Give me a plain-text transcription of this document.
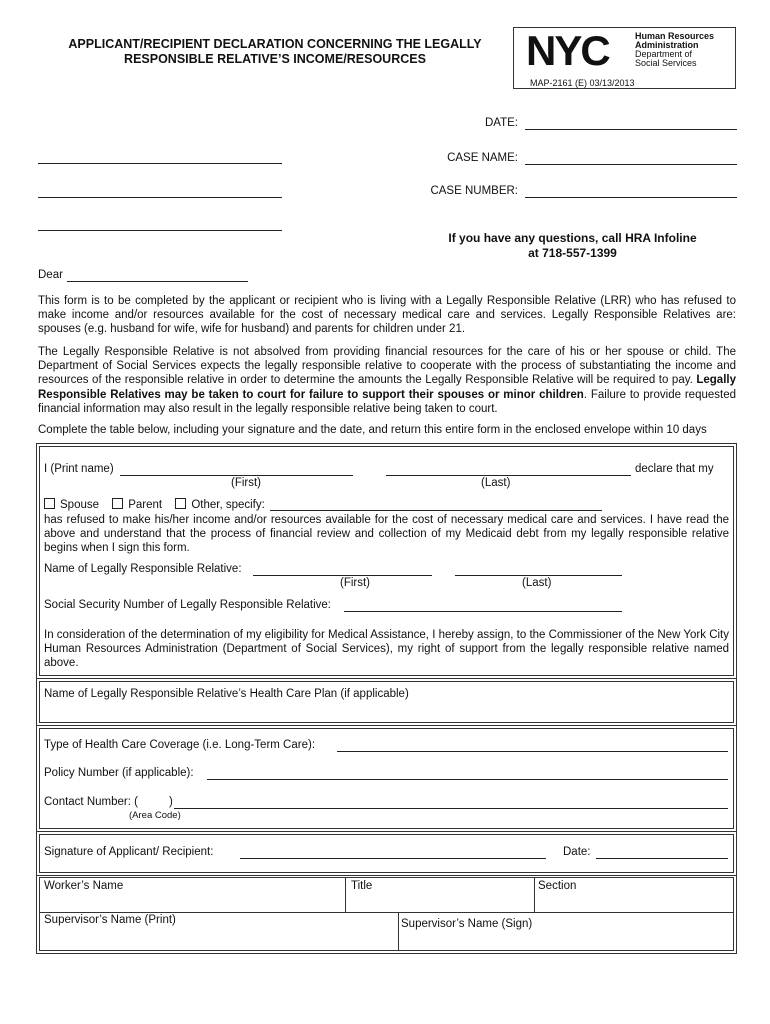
APPLICANT/RECIPIENT DECLARATION CONCERNING THE LEGALLY
RESPONSIBLE RELATIVE’S INCOME/RESOURCES	NYC	Human Resources
Administration
Department of
Social Services
MAP-2161 (E) 03/13/2013
DATE:
CASE NAME:
CASE NUMBER:
If you have any questions, call HRA Infoline
at 718-557-1399
Dear
This form is to be completed by the applicant or recipient who is living with a Legally Responsible Relative (LRR) who has refused to make income and/or resources available for the cost of necessary medical care and services. Legally Responsible Relatives are: spouses (e.g. husband for wife, wife for husband) and parents for children under 21.
The Legally Responsible Relative is not absolved from providing financial resources for the care of his or her spouse or child. The Department of Social Services expects the legally responsible relative to cooperate with the process of substantiating the income and resources of the responsible relative in order to determine the amounts the Legally Responsible Relative will be required to pay. Legally Responsible Relatives may be taken to court for failure to support their spouses or minor children. Failure to provide requested financial information may also result in the legally responsible relative being taken to court.
Complete the table below, including your signature and the date, and return this entire form in the enclosed envelope within 10 days
I (Print name)	declare that my
(First)	(Last)
Spouse	Parent	Other, specify:
has refused to make his/her income and/or resources available for the cost of necessary medical care and services. I have read the above and understand that the process of financial review and collection of my Medicaid debt from my legally responsible relative begins when I sign this form.
Name of Legally Responsible Relative:
(First)	(Last)
Social Security Number of Legally Responsible Relative:
In consideration of the determination of my eligibility for Medical Assistance, I hereby assign, to the Commissioner of the New York City Human Resources Administration (Department of Social Services), my right of support from the legally responsible relative named above.
Name of Legally Responsible Relative’s Health Care Plan (if applicable)
Type of Health Care Coverage (i.e. Long-Term Care):
Policy Number (if applicable):
Contact Number: (	)
(Area Code)
Signature of Applicant/ Recipient:	Date:
Worker’s Name	Title	Section
Supervisor’s Name (Print)	Supervisor’s Name (Sign)
